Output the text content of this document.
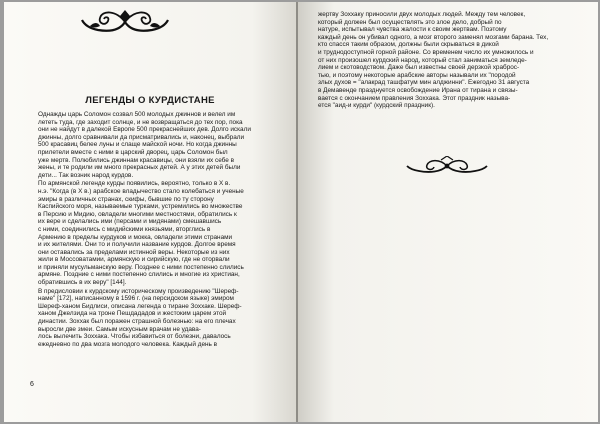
ЛЕГЕНДЫ О КУРДИСТАНЕ
Однажды царь Соломон созвал 500 молодых джиннов и велел им
лететь туда, где заходит солнце, и не возвращаться до тех пор, пока
они не найдут в далекой Европе 500 прекраснейших дев. Долго искали
джинны, долго сравнивали да присматривались и, наконец, выбрали
500 красавиц белее луны и слаще майской ночи. Но когда джинны
прилетели вместе с ними в царский дворец, царь Соломон был
уже мертв. Полюбились джиннам красавицы, они взяли их себе в
жены, и те родили им много прекрасных детей. А у этих детей были
дети... Так возник народ курдов.
По армянской легенде курды появились, вероятно, только в X в.
н.э. "Когда (в X в.) арабское владычество стало колебаться и ученые
эмиры в различных странах, скифы, бывшие по ту сторону
Каспийского моря, называемые турками, устремились во множестве
в Персию и Мидию, овладели многими местностями, обратились к
их вере и сделались ими (персами и мидянами) смешавшись
с ними, соединились с мидийскими князьями, вторглись в
Армению в пределы курдуков и мокка, овладели этими странами
и их жителями. Они то и получили название курдов. Долгое время
они оставались за пределами истинной веры. Некоторые из них
жили в Моссоватамии, армянскую и сирийскую, где не оторвали
и приняли мусульманскую веру. Позднее с ними постепенно слились
армяне. Поздние с ними постепенно слились и многие из христиан,
обратившись в их веру" [144].
В предисловии к курдскому историческому произведению "Шереф-
наме" [172], написанному в 1596 г. (на персидском языке) эмиром
Шереф-ханом Бидлиси, описана легенда о тиране Зоххаке. Шереф-
ханом Джелзида на троне Пешдададов и жестоким царем этой
династии. Зоххак был поражен страшной болезнью: на его плечах
выросли две змеи. Самым искусным врачам не удава-
лось вылечить Зоххака. Чтобы избавиться от болезни, давалось
ежедневно по два мозга молодого человека. Каждый день в
6
жертву Зоххаку приносили двух молодых людей. Между тем человек,
который должен был осуществлять это злое дело, добрый по
натуре, испытывал чувства жалости к своим жертвам. Поэтому
каждый день он убивал одного, а мозг второго заменял мозгами барана. Тех,
кто спасся таким образом, должны были скрываться в дикой
и труднодоступной горной районе. Со временем число их умножилось и
от них произошел курдский народ, который стал заниматься земледе-
лием и скотоводством. Даже был известны своей дерзкой храброс-
тью, и поэтому некоторые арабские авторы называли их "породой
злых духов = "алакрад ташфатум мин алджинни". Ежегодно 31 августа
в Демавенде празднуется освобождение Ирана от тирана и связы-
вается с окончанием правления Зоххака. Этот праздник называ-
ется "аид-и курди" (курдский праздник).
